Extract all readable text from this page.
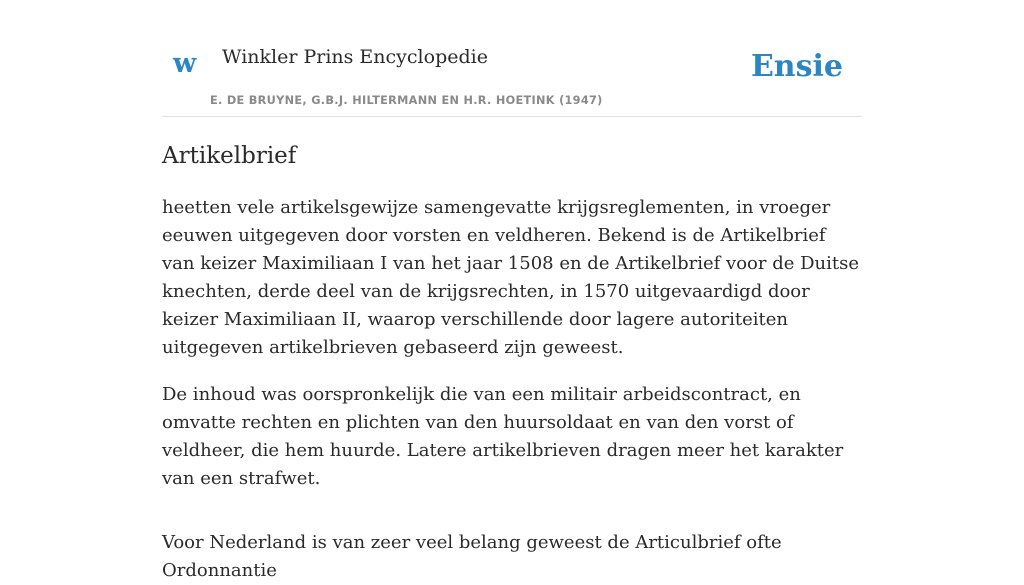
w Winkler Prins Encyclopedie
E. DE BRUYNE, G.B.J. HILTERMANN EN H.R. HOETINK (1947)
Ensie
Artikelbrief

heetten vele artikelsgewijze samengevatte krijgsreglementen, in vroeger eeuwen uitgegeven door vorsten en veldheren. Bekend is de Artikelbrief van keizer Maximiliaan I van het jaar 1508 en de Artikelbrief voor de Duitse knechten, derde deel van de krijgsrechten, in 1570 uitgevaardigd door keizer Maximiliaan II, waarop verschillende door lagere autoriteiten uitgegeven artikelbrieven gebaseerd zijn geweest.

De inhoud was oorspronkelijk die van een militair arbeidscontract, en omvatte rechten en plichten van den huursoldaat en van den vorst of veldheer, die hem huurde. Latere artikelbrieven dragen meer het karakter van een strafwet.

Voor Nederland is van zeer veel belang geweest de Articulbrief ofte Ordonnantie
